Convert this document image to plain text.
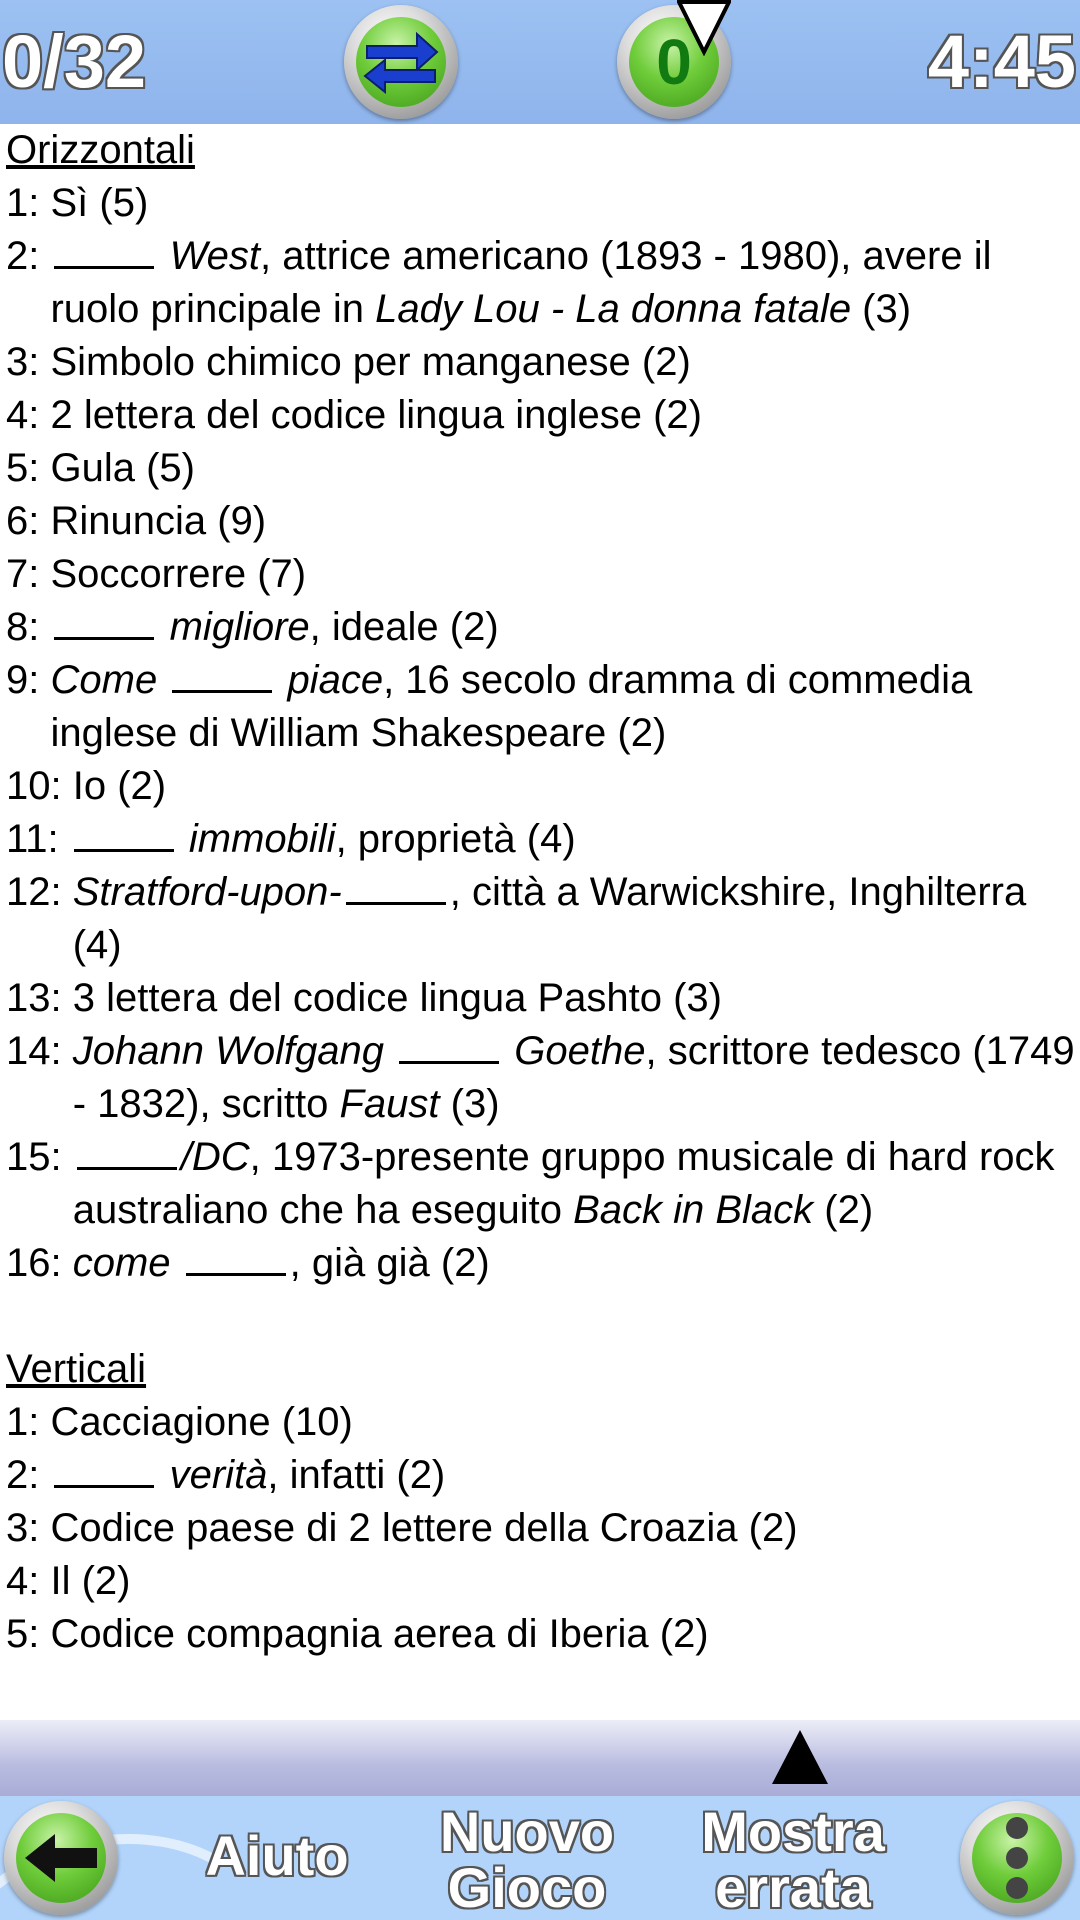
0/32	0	4:45
Orizzontali
1: Sì (5)
2:	West, attrice americano (1893 - 1980), avere il ruolo principale in Lady Lou - La donna fatale (3)
3: Simbolo chimico per manganese (2)
4: 2 lettera del codice lingua inglese (2)
5: Gula (5)
6: Rinuncia (9)
7: Soccorrere (7)
8:	migliore, ideale (2)
9: Come	piace, 16 secolo dramma di commedia inglese di William Shakespeare (2)
10: Io (2)
11:	immobili, proprietà (4)
12: Stratford-upon-	, città a Warwickshire, Inghilterra (4)
13: 3 lettera del codice lingua Pashto (3)
14: Johann Wolfgang	Goethe, scrittore tedesco (1749 - 1832), scritto Faust (3)
15:	/DC, 1973-presente gruppo musicale di hard rock australiano che ha eseguito Back in Black (2)
16: come	, già già (2)
Verticali
1: Cacciagione (10)
2:	verità, infatti (2)
3: Codice paese di 2 lettere della Croazia (2)
4: Il (2)
5: Codice compagnia aerea di Iberia (2)
Aiuto	Nuovo
Gioco
Mostra
errata
